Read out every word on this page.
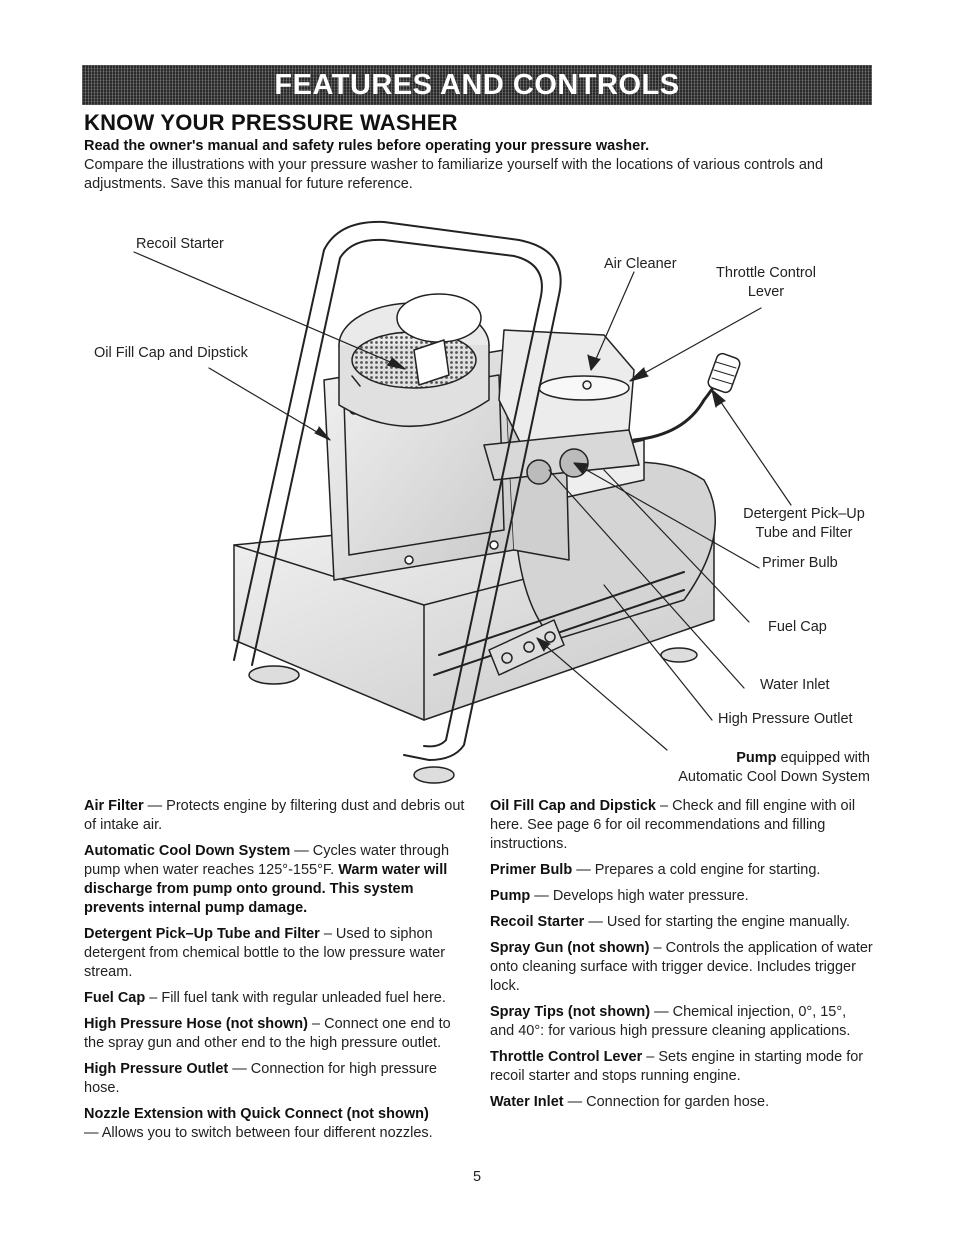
FEATURES AND CONTROLS
KNOW YOUR PRESSURE WASHER
Read the owner's manual and safety rules before operating your pressure washer.
Compare the illustrations with your pressure washer to familiarize yourself with the locations of various controls and adjustments. Save this manual for future reference.
Recoil Starter
Oil Fill Cap and Dipstick
Air Cleaner
Throttle Control
Lever
Detergent Pick–Up
Tube and Filter
Primer Bulb
Fuel Cap
Water Inlet
High Pressure Outlet
Pump equipped with
Automatic Cool Down System
Air Filter — Protects engine by filtering dust and debris out of intake air.
Automatic Cool Down System — Cycles water through pump when water reaches 125°-155°F. Warm water will discharge from pump onto ground. This system prevents internal pump damage.
Detergent Pick–Up Tube and Filter – Used to siphon detergent from chemical bottle to the low pressure water stream.
Fuel Cap – Fill fuel tank with regular unleaded fuel here.
High Pressure Hose (not shown) – Connect one end to the spray gun and other end to the high pressure outlet.
High Pressure Outlet — Connection for high pressure hose.
Nozzle Extension with Quick Connect (not shown)
— Allows you to switch between four different nozzles.
Oil Fill Cap and Dipstick – Check and fill engine with oil here. See page 6 for oil recommendations and filling instructions.
Primer Bulb — Prepares a cold engine for starting.
Pump — Develops high water pressure.
Recoil Starter — Used for starting the engine manually.
Spray Gun (not shown) – Controls the application of water onto cleaning surface with trigger device. Includes trigger lock.
Spray Tips (not shown) — Chemical injection, 0°, 15°, and 40°: for various high pressure cleaning applications.
Throttle Control Lever – Sets engine in starting mode for recoil starter and stops running engine.
Water Inlet — Connection for garden hose.
5
